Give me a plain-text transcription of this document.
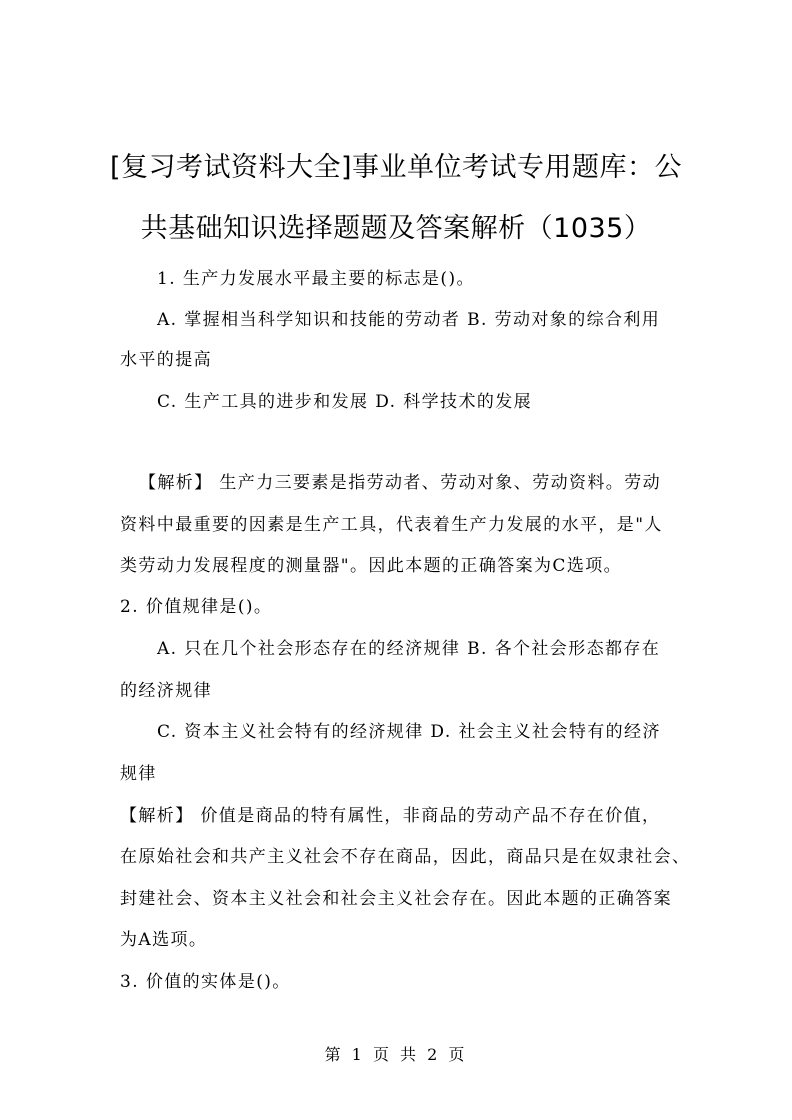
[复习考试资料大全]事业单位考试专用题库：公
共基础知识选择题题及答案解析（1035）
1. 生产力发展水平最主要的标志是()。
A. 掌握相当科学知识和技能的劳动者 B. 劳动对象的综合利用
水平的提高
C. 生产工具的进步和发展 D. 科学技术的发展
【解析】 生产力三要素是指劳动者、劳动对象、劳动资料。劳动
资料中最重要的因素是生产工具，代表着生产力发展的水平，是"人
类劳动力发展程度的测量器"。因此本题的正确答案为C选项。
2. 价值规律是()。
A. 只在几个社会形态存在的经济规律 B. 各个社会形态都存在
的经济规律
C. 资本主义社会特有的经济规律 D. 社会主义社会特有的经济
规律
【解析】 价值是商品的特有属性，非商品的劳动产品不存在价值，
在原始社会和共产主义社会不存在商品，因此，商品只是在奴隶社会、
封建社会、资本主义社会和社会主义社会存在。因此本题的正确答案
为A选项。
3. 价值的实体是()。
第 1 页 共 2 页
